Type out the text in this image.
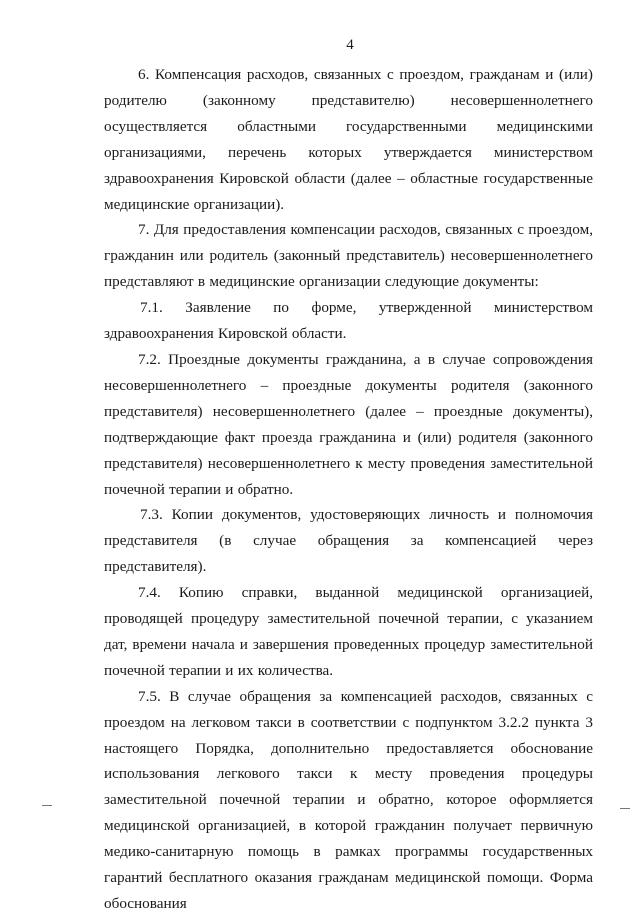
4

6. Компенсация расходов, связанных с проездом, гражданам и (или) родителю (законному представителю) несовершеннолетнего осуществляется областными государственными медицинскими организациями, перечень которых утверждается министерством здравоохранения Кировской области (далее – областные государственные медицинские организации).

7. Для предоставления компенсации расходов, связанных с проездом, гражданин или родитель (законный представитель) несовершеннолетнего представляют в медицинские организации следующие документы:

7.1. Заявление по форме, утвержденной министерством здравоохранения Кировской области.

7.2. Проездные документы гражданина, а в случае сопровождения несовершеннолетнего – проездные документы родителя (законного представителя) несовершеннолетнего (далее – проездные документы), подтверждающие факт проезда гражданина и (или) родителя (законного представителя) несовершеннолетнего к месту проведения заместительной почечной терапии и обратно.

7.3. Копии документов, удостоверяющих личность и полномочия представителя (в случае обращения за компенсацией через представителя).

7.4. Копию справки, выданной медицинской организацией, проводящей процедуру заместительной почечной терапии, с указанием дат, времени начала и завершения проведенных процедур заместительной почечной терапии и их количества.

7.5. В случае обращения за компенсацией расходов, связанных с проездом на легковом такси в соответствии с подпунктом 3.2.2 пункта 3 настоящего Порядка, дополнительно предоставляется обоснование использования легкового такси к месту проведения процедуры заместительной почечной терапии и обратно, которое оформляется медицинской организацией, в которой гражданин получает первичную медико-санитарную помощь в рамках программы государственных гарантий бесплатного оказания гражданам медицинской помощи. Форма обоснования
